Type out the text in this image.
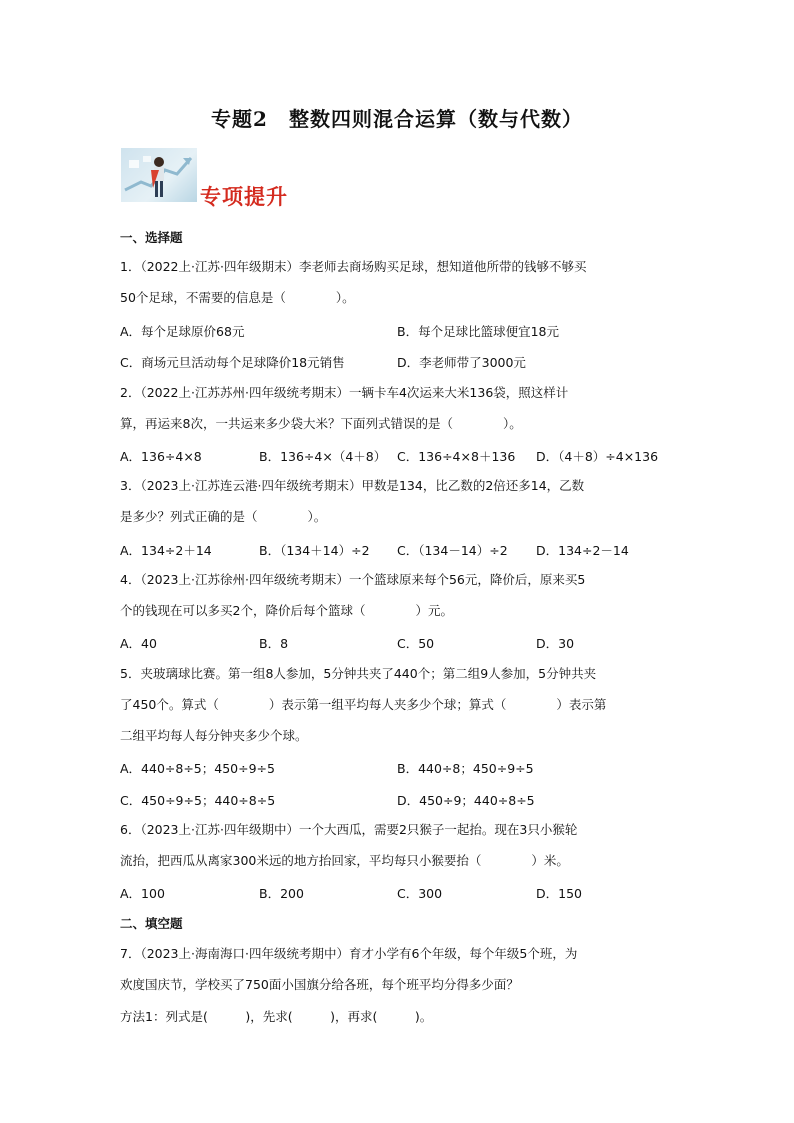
专题2　整数四则混合运算（数与代数）
专项提升
一、选择题
1．（2022上·江苏·四年级期末）李老师去商场购买足球，想知道他所带的钱够不够买
50个足球，不需要的信息是（　　　　）。
A．每个足球原价68元	B．每个足球比篮球便宜18元
C．商场元旦活动每个足球降价18元销售	D．李老师带了3000元
2．（2022上·江苏苏州·四年级统考期末）一辆卡车4次运来大米136袋，照这样计
算，再运来8次，一共运来多少袋大米？下面列式错误的是（　　　　）。
A．136÷4×8	B．136÷4×（4＋8） C．136÷4×8＋136 D．（4＋8）÷4×136
3．（2023上·江苏连云港·四年级统考期末）甲数是134，比乙数的2倍还多14，乙数
是多少？列式正确的是（　　　　）。
A．134÷2＋14	B．（134＋14）÷2 C．（134－14）÷2 D．134÷2－14
4．（2023上·江苏徐州·四年级统考期末）一个篮球原来每个56元，降价后，原来买5
个的钱现在可以多买2个，降价后每个篮球（　　　　）元。
A．40	B．8	C．50	D．30
5．夹玻璃球比赛。第一组8人参加，5分钟共夹了440个；第二组9人参加，5分钟共夹
了450个。算式（　　　　）表示第一组平均每人夹多少个球；算式（　　　　）表示第
二组平均每人每分钟夹多少个球。
A．440÷8÷5；450÷9÷5	B．440÷8；450÷9÷5
C．450÷9÷5；440÷8÷5	D．450÷9；440÷8÷5
6．（2023上·江苏·四年级期中）一个大西瓜，需要2只猴子一起抬。现在3只小猴轮
流抬，把西瓜从离家300米远的地方抬回家，平均每只小猴要抬（　　　　）米。
A．100	B．200	C．300	D．150
二、填空题
7．（2023上·海南海口·四年级统考期中）育才小学有6个年级，每个年级5个班，为
欢度国庆节，学校买了750面小国旗分给各班，每个班平均分得多少面？
方法1：列式是(　　　)，先求(　　　)，再求(　　　)。
